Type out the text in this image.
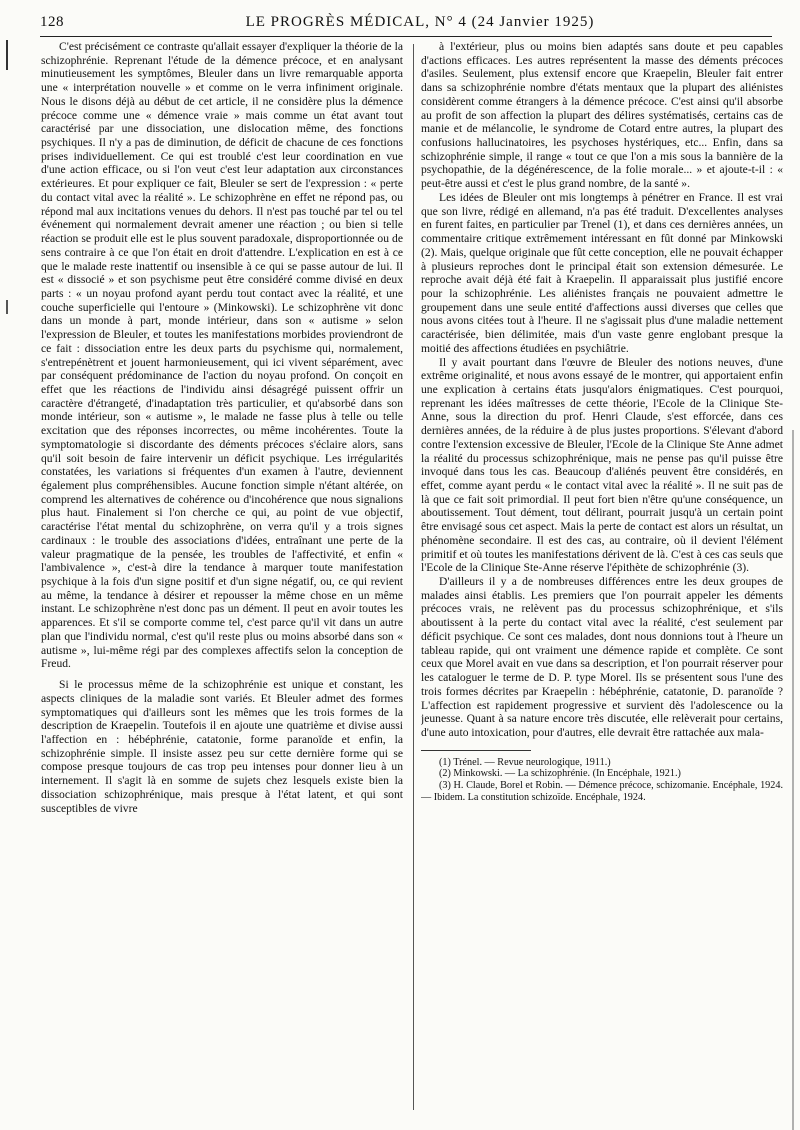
128	LE PROGRÈS MÉDICAL, N° 4 (24 Janvier 1925)

C'est précisément ce contraste qu'allait essayer d'expliquer la théorie de la schizophrénie. Reprenant l'étude de la démence précoce, et en analysant minutieusement les symptômes, Bleuler dans un livre remarquable apporta une « interprétation nouvelle » et comme on le verra infiniment originale. Nous le disons déjà au début de cet article, il ne considère plus la démence précoce comme une « démence vraie » mais comme un état avant tout caractérisé par une dissociation, une dislocation même, des fonctions psychiques. Il n'y a pas de diminution, de déficit de chacune de ces fonctions prises individuellement. Ce qui est troublé c'est leur coordination en vue d'une action efficace, ou si l'on veut c'est leur adaptation aux circonstances extérieures. Et pour expliquer ce fait, Bleuler se sert de l'expression : « perte du contact vital avec la réalité ». Le schizophrène en effet ne répond pas, ou répond mal aux incitations venues du dehors. Il n'est pas touché par tel ou tel événement qui normalement devrait amener une réaction ; ou bien si telle réaction se produit elle est le plus souvent paradoxale, disproportionnée ou de sens contraire à ce que l'on était en droit d'attendre. L'explication en est à ce que le malade reste inattentif ou insensible à ce qui se passe autour de lui. Il est « dissocié » et son psychisme peut être considéré comme divisé en deux parts : « un noyau profond ayant perdu tout contact avec la réalité, et une couche superficielle qui l'entoure » (Minkowski). Le schizophrène vit donc dans un monde à part, monde intérieur, dans son « autisme » selon l'expression de Bleuler, et toutes les manifestations morbides proviendront de ce fait : dissociation entre les deux parts du psychisme qui, normalement, s'entrepénètrent et jouent harmonieusement, qui ici vivent séparément, avec par conséquent prédominance de l'action du noyau profond. On conçoit en effet que les réactions de l'individu ainsi désagrégé puissent offrir un caractère d'étrangeté, d'inadaptation très particulier, et qu'absorbé dans son monde intérieur, son « autisme », le malade ne fasse plus à telle ou telle excitation que des réponses incorrectes, ou même incohérentes. Toute la symptomatologie si discordante des déments précoces s'éclaire alors, sans qu'il soit besoin de faire intervenir un déficit psychique. Les irrégularités constatées, les variations si fréquentes d'un examen à l'autre, deviennent également plus compréhensibles. Aucune fonction simple n'étant altérée, on comprend les alternatives de cohérence ou d'incohérence que nous signalions plus haut. Finalement si l'on cherche ce qui, au point de vue objectif, caractérise l'état mental du schizophrène, on verra qu'il y a trois signes cardinaux : le trouble des associations d'idées, entraînant une perte de la valeur pragmatique de la pensée, les troubles de l'affectivité, et enfin « l'ambivalence », c'est-à dire la tendance à marquer toute manifestation psychique à la fois d'un signe positif et d'un signe négatif, ou, ce qui revient au même, la tendance à désirer et repousser la même chose en un même instant. Le schizophrène n'est donc pas un dément. Il peut en avoir toutes les apparences. Et s'il se comporte comme tel, c'est parce qu'il vit dans un autre plan que l'individu normal, c'est qu'il reste plus ou moins absorbé dans son « autisme », lui-même régi par des complexes affectifs selon la conception de Freud.

Si le processus même de la schizophrénie est unique et constant, les aspects cliniques de la maladie sont variés. Et Bleuler admet des formes symptomatiques qui d'ailleurs sont les mêmes que les trois formes de la description de Kraepelin. Toutefois il en ajoute une quatrième et divise aussi l'affection en : hébéphrénie, catatonie, forme paranoïde et enfin, la schizophrénie simple. Il insiste assez peu sur cette dernière forme qui se compose presque toujours de cas trop peu intenses pour donner lieu à un internement. Il s'agit là en somme de sujets chez lesquels existe bien la dissociation schizophrénique, mais presque à l'état latent, et qui sont susceptibles de vivre

à l'extérieur, plus ou moins bien adaptés sans doute et peu capables d'actions efficaces. Les autres représentent la masse des déments précoces d'asiles. Seulement, plus extensif encore que Kraepelin, Bleuler fait entrer dans sa schizophrénie nombre d'états mentaux que la plupart des aliénistes considèrent comme étrangers à la démence précoce. C'est ainsi qu'il absorbe au profit de son affection la plupart des délires systématisés, certains cas de manie et de mélancolie, le syndrome de Cotard entre autres, la plupart des confusions hallucinatoires, les psychoses hystériques, etc... Enfin, dans sa schizophrénie simple, il range « tout ce que l'on a mis sous la bannière de la psychopathie, de la dégénérescence, de la folie morale... » et ajoute-t-il : « peut-être aussi et c'est le plus grand nombre, de la santé ».

Les idées de Bleuler ont mis longtemps à pénétrer en France. Il est vrai que son livre, rédigé en allemand, n'a pas été traduit. D'excellentes analyses en furent faites, en particulier par Trenel (1), et dans ces dernières années, un commentaire critique extrêmement intéressant en fût donné par Minkowski (2). Mais, quelque originale que fût cette conception, elle ne pouvait échapper à plusieurs reproches dont le principal était son extension démesurée. Le reproche avait déjà été fait à Kraepelin. Il apparaissait plus justifié encore pour la schizophrénie. Les aliénistes français ne pouvaient admettre le groupement dans une seule entité d'affections aussi diverses que celles que nous avons citées tout à l'heure. Il ne s'agissait plus d'une maladie nettement caractérisée, bien délimitée, mais d'un vaste genre englobant presque la moitié des affections étudiées en psychiâtrie.

Il y avait pourtant dans l'œuvre de Bleuler des notions neuves, d'une extrême originalité, et nous avons essayé de le montrer, qui apportaient enfin une explication à certains états jusqu'alors énigmatiques. C'est pourquoi, reprenant les idées maîtresses de cette théorie, l'Ecole de la Clinique Ste-Anne, sous la direction du prof. Henri Claude, s'est efforcée, dans ces dernières années, de la réduire à de plus justes proportions. S'élevant d'abord contre l'extension excessive de Bleuler, l'Ecole de la Clinique Ste Anne admet la réalité du processus schizophrénique, mais ne pense pas qu'il puisse être invoqué dans tous les cas. Beaucoup d'aliénés peuvent être considérés, en effet, comme ayant perdu « le contact vital avec la réalité ». Il ne suit pas de là que ce fait soit primordial. Il peut fort bien n'être qu'une conséquence, un aboutissement. Tout dément, tout délirant, pourrait jusqu'à un certain point être envisagé sous cet aspect. Mais la perte de contact est alors un résultat, un phénomène secondaire. Il est des cas, au contraire, où il devient l'élément primitif et où toutes les manifestations dérivent de là. C'est à ces cas seuls que l'Ecole de la Clinique Ste-Anne réserve l'épithète de schizophrénie (3).

D'ailleurs il y a de nombreuses différences entre les deux groupes de malades ainsi établis. Les premiers que l'on pourrait appeler les déments précoces vrais, ne relèvent pas du processus schizophrénique, et s'ils aboutissent à la perte du contact vital avec la réalité, c'est seulement par déficit psychique. Ce sont ces malades, dont nous donnions tout à l'heure un tableau rapide, qui ont vraiment une démence rapide et complète. Ce sont ceux que Morel avait en vue dans sa description, et l'on pourrait réserver pour les cataloguer le terme de D. P. type Morel. Ils se présentent sous l'une des trois formes décrites par Kraepelin : hébéphrénie, catatonie, D. paranoïde ? L'affection est rapidement progressive et survient dès l'adolescence ou la jeunesse. Quant à sa nature encore très discutée, elle relèverait pour certains, d'une auto intoxication, pour d'autres, elle devrait être rattachée aux mala-

(1) Trénel. — Revue neurologique, 1911.)

(2) Minkowski. — La schizophrénie. (In Encéphale, 1921.)

(3) H. Claude, Borel et Robin. — Démence précoce, schizomanie. Encéphale, 1924. — Ibidem. La constitution schizoïde. Encéphale, 1924.
